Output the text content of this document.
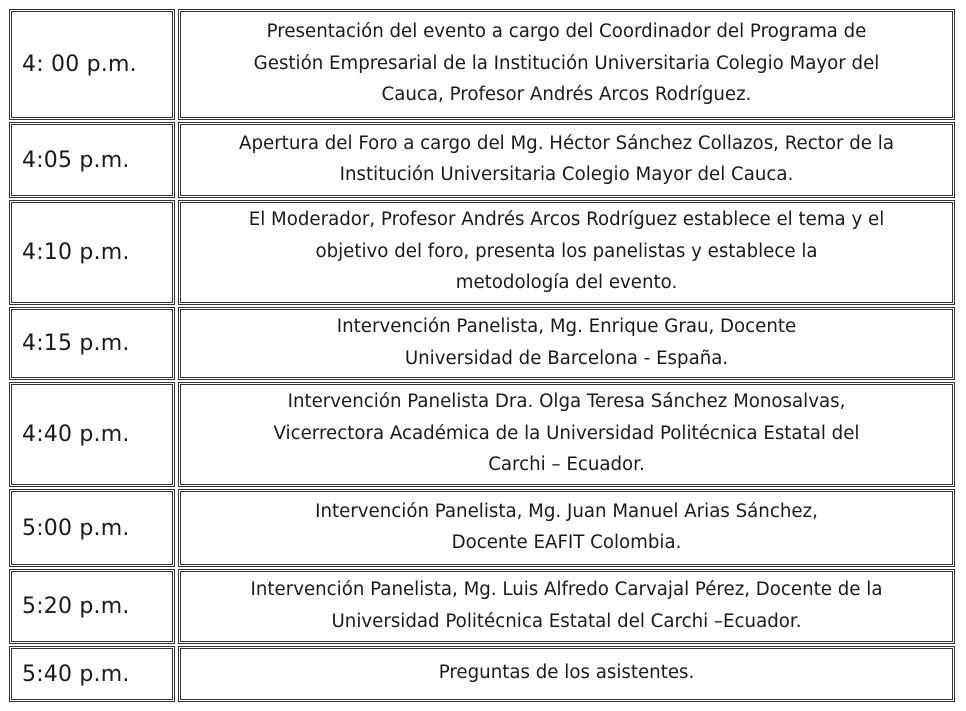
4: 00 p.m.
Presentación del evento a cargo del Coordinador del Programa de
Gestión Empresarial de la Institución Universitaria Colegio Mayor del
Cauca, Profesor Andrés Arcos Rodríguez.
4:05 p.m.
Apertura del Foro a cargo del Mg. Héctor Sánchez Collazos, Rector de la
Institución Universitaria Colegio Mayor del Cauca.
4:10 p.m.
El Moderador, Profesor Andrés Arcos Rodríguez establece el tema y el
objetivo del foro, presenta los panelistas y establece la
metodología del evento.
4:15 p.m.
Intervención Panelista, Mg. Enrique Grau, Docente
Universidad de Barcelona - España.
4:40 p.m.
Intervención Panelista Dra. Olga Teresa Sánchez Monosalvas,
Vicerrectora Académica de la Universidad Politécnica Estatal del
Carchi – Ecuador.
5:00 p.m.
Intervención Panelista, Mg. Juan Manuel Arias Sánchez,
Docente EAFIT Colombia.
5:20 p.m.
Intervención Panelista, Mg. Luis Alfredo Carvajal Pérez, Docente de la
Universidad Politécnica Estatal del Carchi –Ecuador.
5:40 p.m.	Preguntas de los asistentes.
